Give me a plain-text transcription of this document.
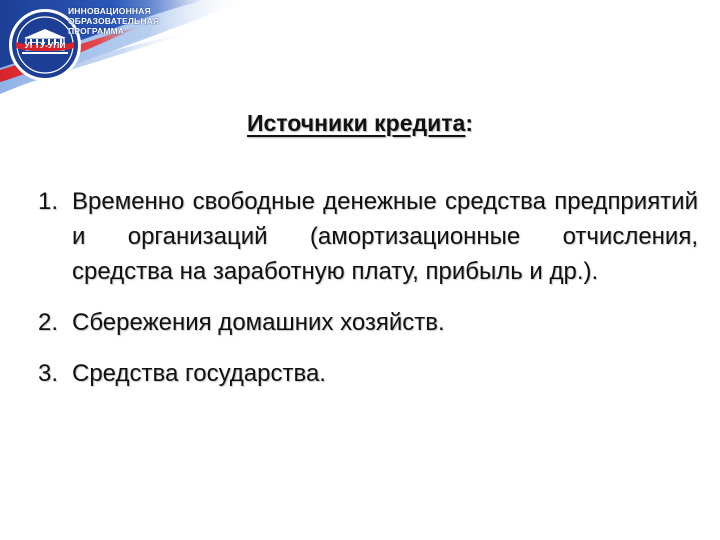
УГТУ-УПИ
ИННОВАЦИОННАЯ
ОБРАЗОВАТЕЛЬНАЯ
ПРОГРАММА
Источники кредита:
1. Временно свободные денежные средства предприятий и организаций (амортизационные отчисления, средства на заработную плату, прибыль и др.).
2. Сбережения домашних хозяйств.
3. Средства государства.
